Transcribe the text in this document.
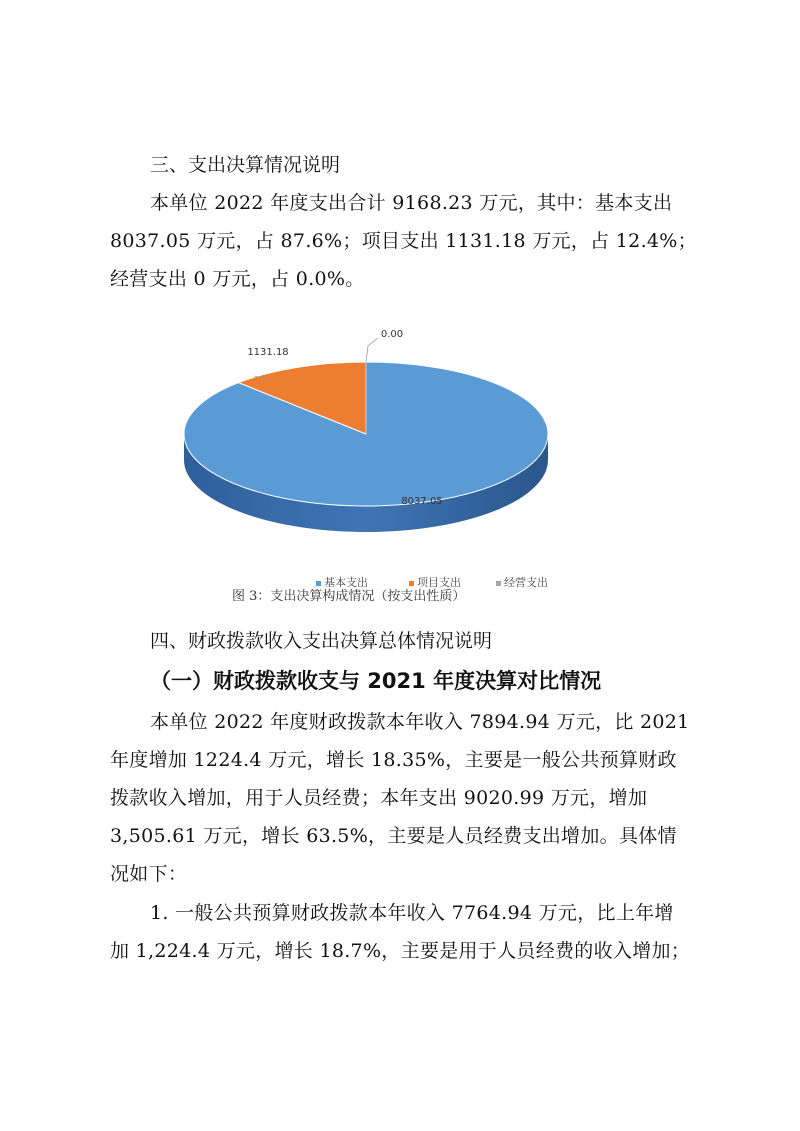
三、支出决算情况说明
本单位 2022 年度支出合计 9168.23 万元，其中：基本支出
8037.05 万元，占 87.6%；项目支出 1131.18 万元，占 12.4%；
经营支出 0 万元，占 0.0%。
8037.05
1131.18
0.00
基本支出	项目支出	经营支出
图 3：支出决算构成情况（按支出性质）
四、财政拨款收入支出决算总体情况说明
（一）财政拨款收支与 2021 年度决算对比情况
本单位 2022 年度财政拨款本年收入 7894.94 万元，比 2021
年度增加 1224.4 万元，增长 18.35%，主要是一般公共预算财政
拨款收入增加，用于人员经费；本年支出 9020.99 万元，增加
3,505.61 万元，增长 63.5%，主要是人员经费支出增加。具体情
况如下：
1. 一般公共预算财政拨款本年收入 7764.94 万元，比上年增
加 1,224.4 万元，增长 18.7%，主要是用于人员经费的收入增加；
